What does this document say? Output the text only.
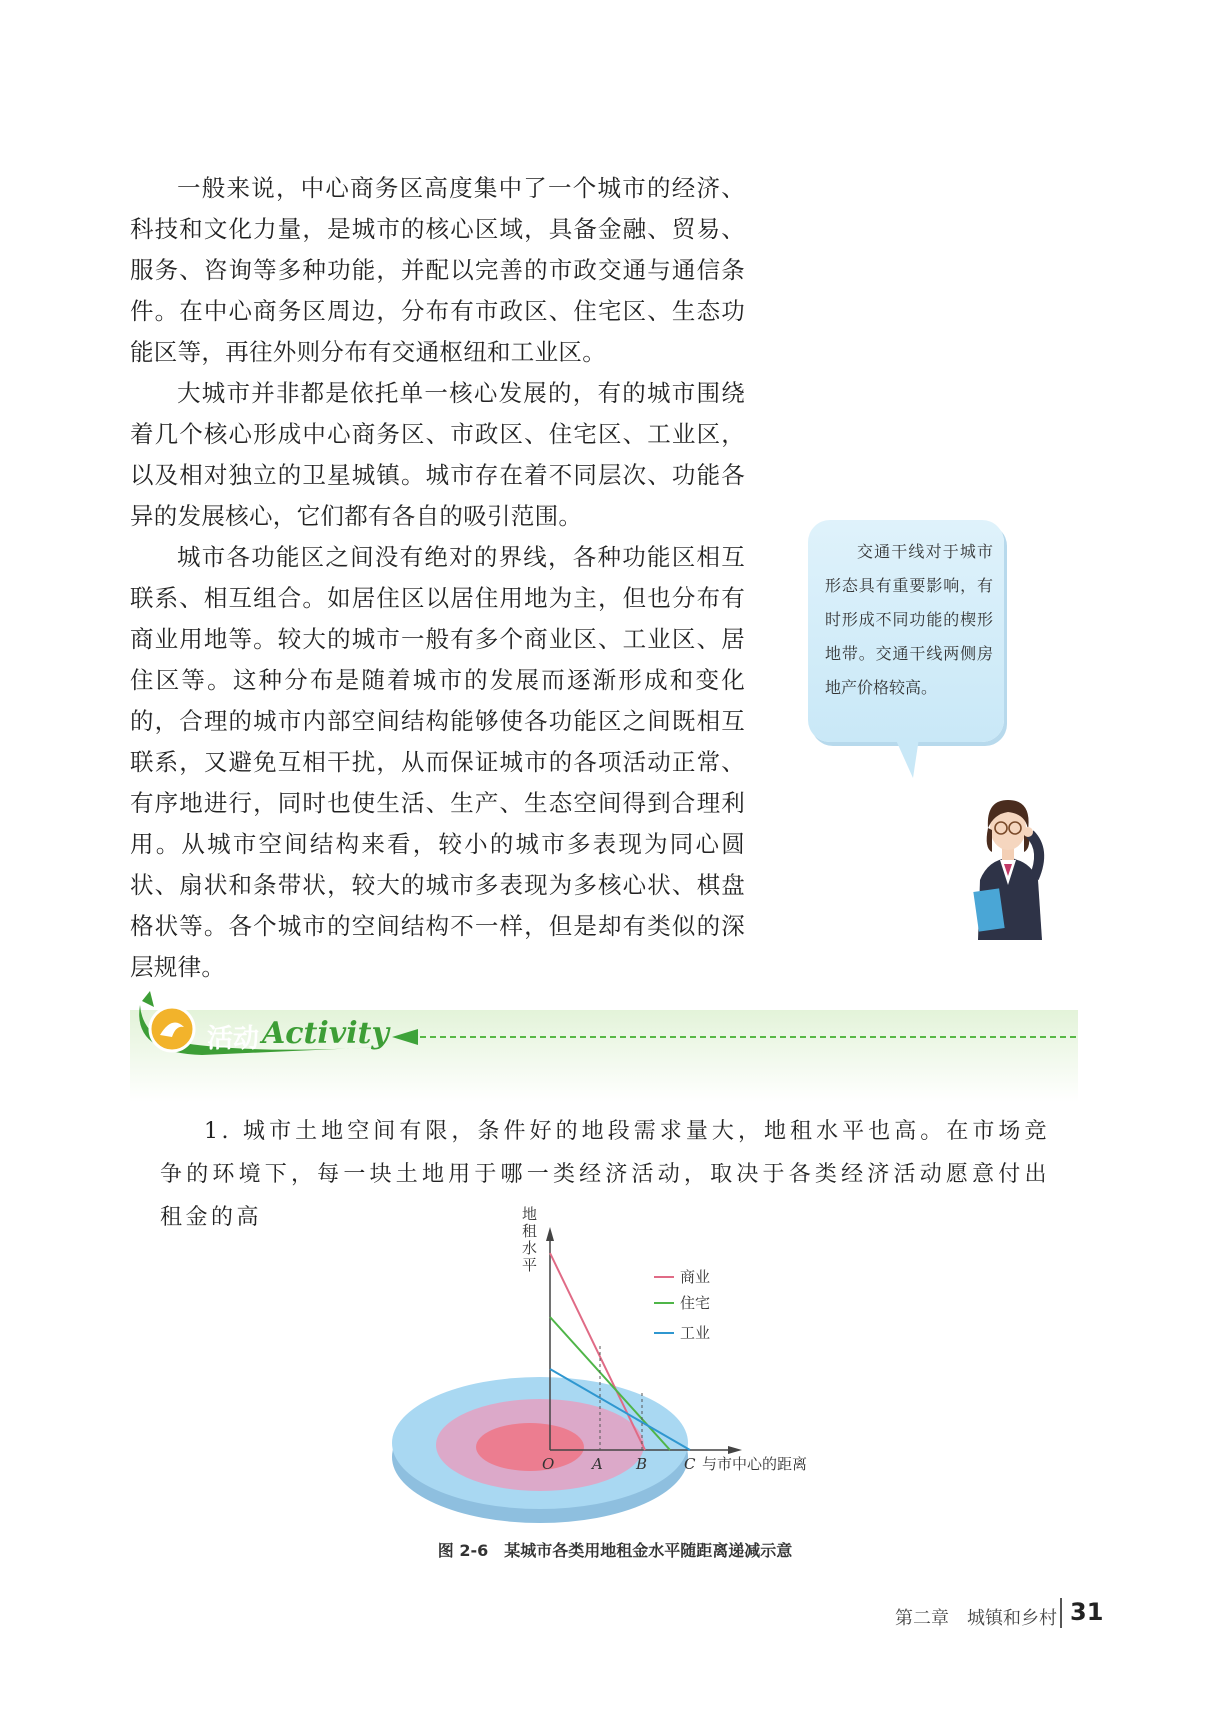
一般来说，中心商务区高度集中了一个城市的经济、科技和文化力量，是城市的核心区域，具备金融、贸易、服务、咨询等多种功能，并配以完善的市政交通与通信条件。在中心商务区周边，分布有市政区、住宅区、生态功能区等，再往外则分布有交通枢纽和工业区。

大城市并非都是依托单一核心发展的，有的城市围绕着几个核心形成中心商务区、市政区、住宅区、工业区，以及相对独立的卫星城镇。城市存在着不同层次、功能各异的发展核心，它们都有各自的吸引范围。

城市各功能区之间没有绝对的界线，各种功能区相互联系、相互组合。如居住区以居住用地为主，但也分布有商业用地等。较大的城市一般有多个商业区、工业区、居住区等。这种分布是随着城市的发展而逐渐形成和变化的，合理的城市内部空间结构能够使各功能区之间既相互联系，又避免互相干扰，从而保证城市的各项活动正常、有序地进行，同时也使生活、生产、生态空间得到合理利用。从城市空间结构来看，较小的城市多表现为同心圆状、扇状和条带状，较大的城市多表现为多核心状、棋盘格状等。各个城市的空间结构不一样，但是却有类似的深层规律。

交通干线对于城市形态具有重要影响，有时形成不同功能的楔形地带。交通干线两侧房地产价格较高。
活动 Activity
1. 城市土地空间有限，条件好的地段需求量大，地租水平也高。在市场竞争的环境下，每一块土地用于哪一类经济活动，取决于各类经济活动愿意付出租金的高	地 租 水 平
O	A B C 与市中心的距离
商业
住宅
工业
图 2-6　某城市各类用地租金水平随距离递减示意
第二章　城镇和乡村 31
